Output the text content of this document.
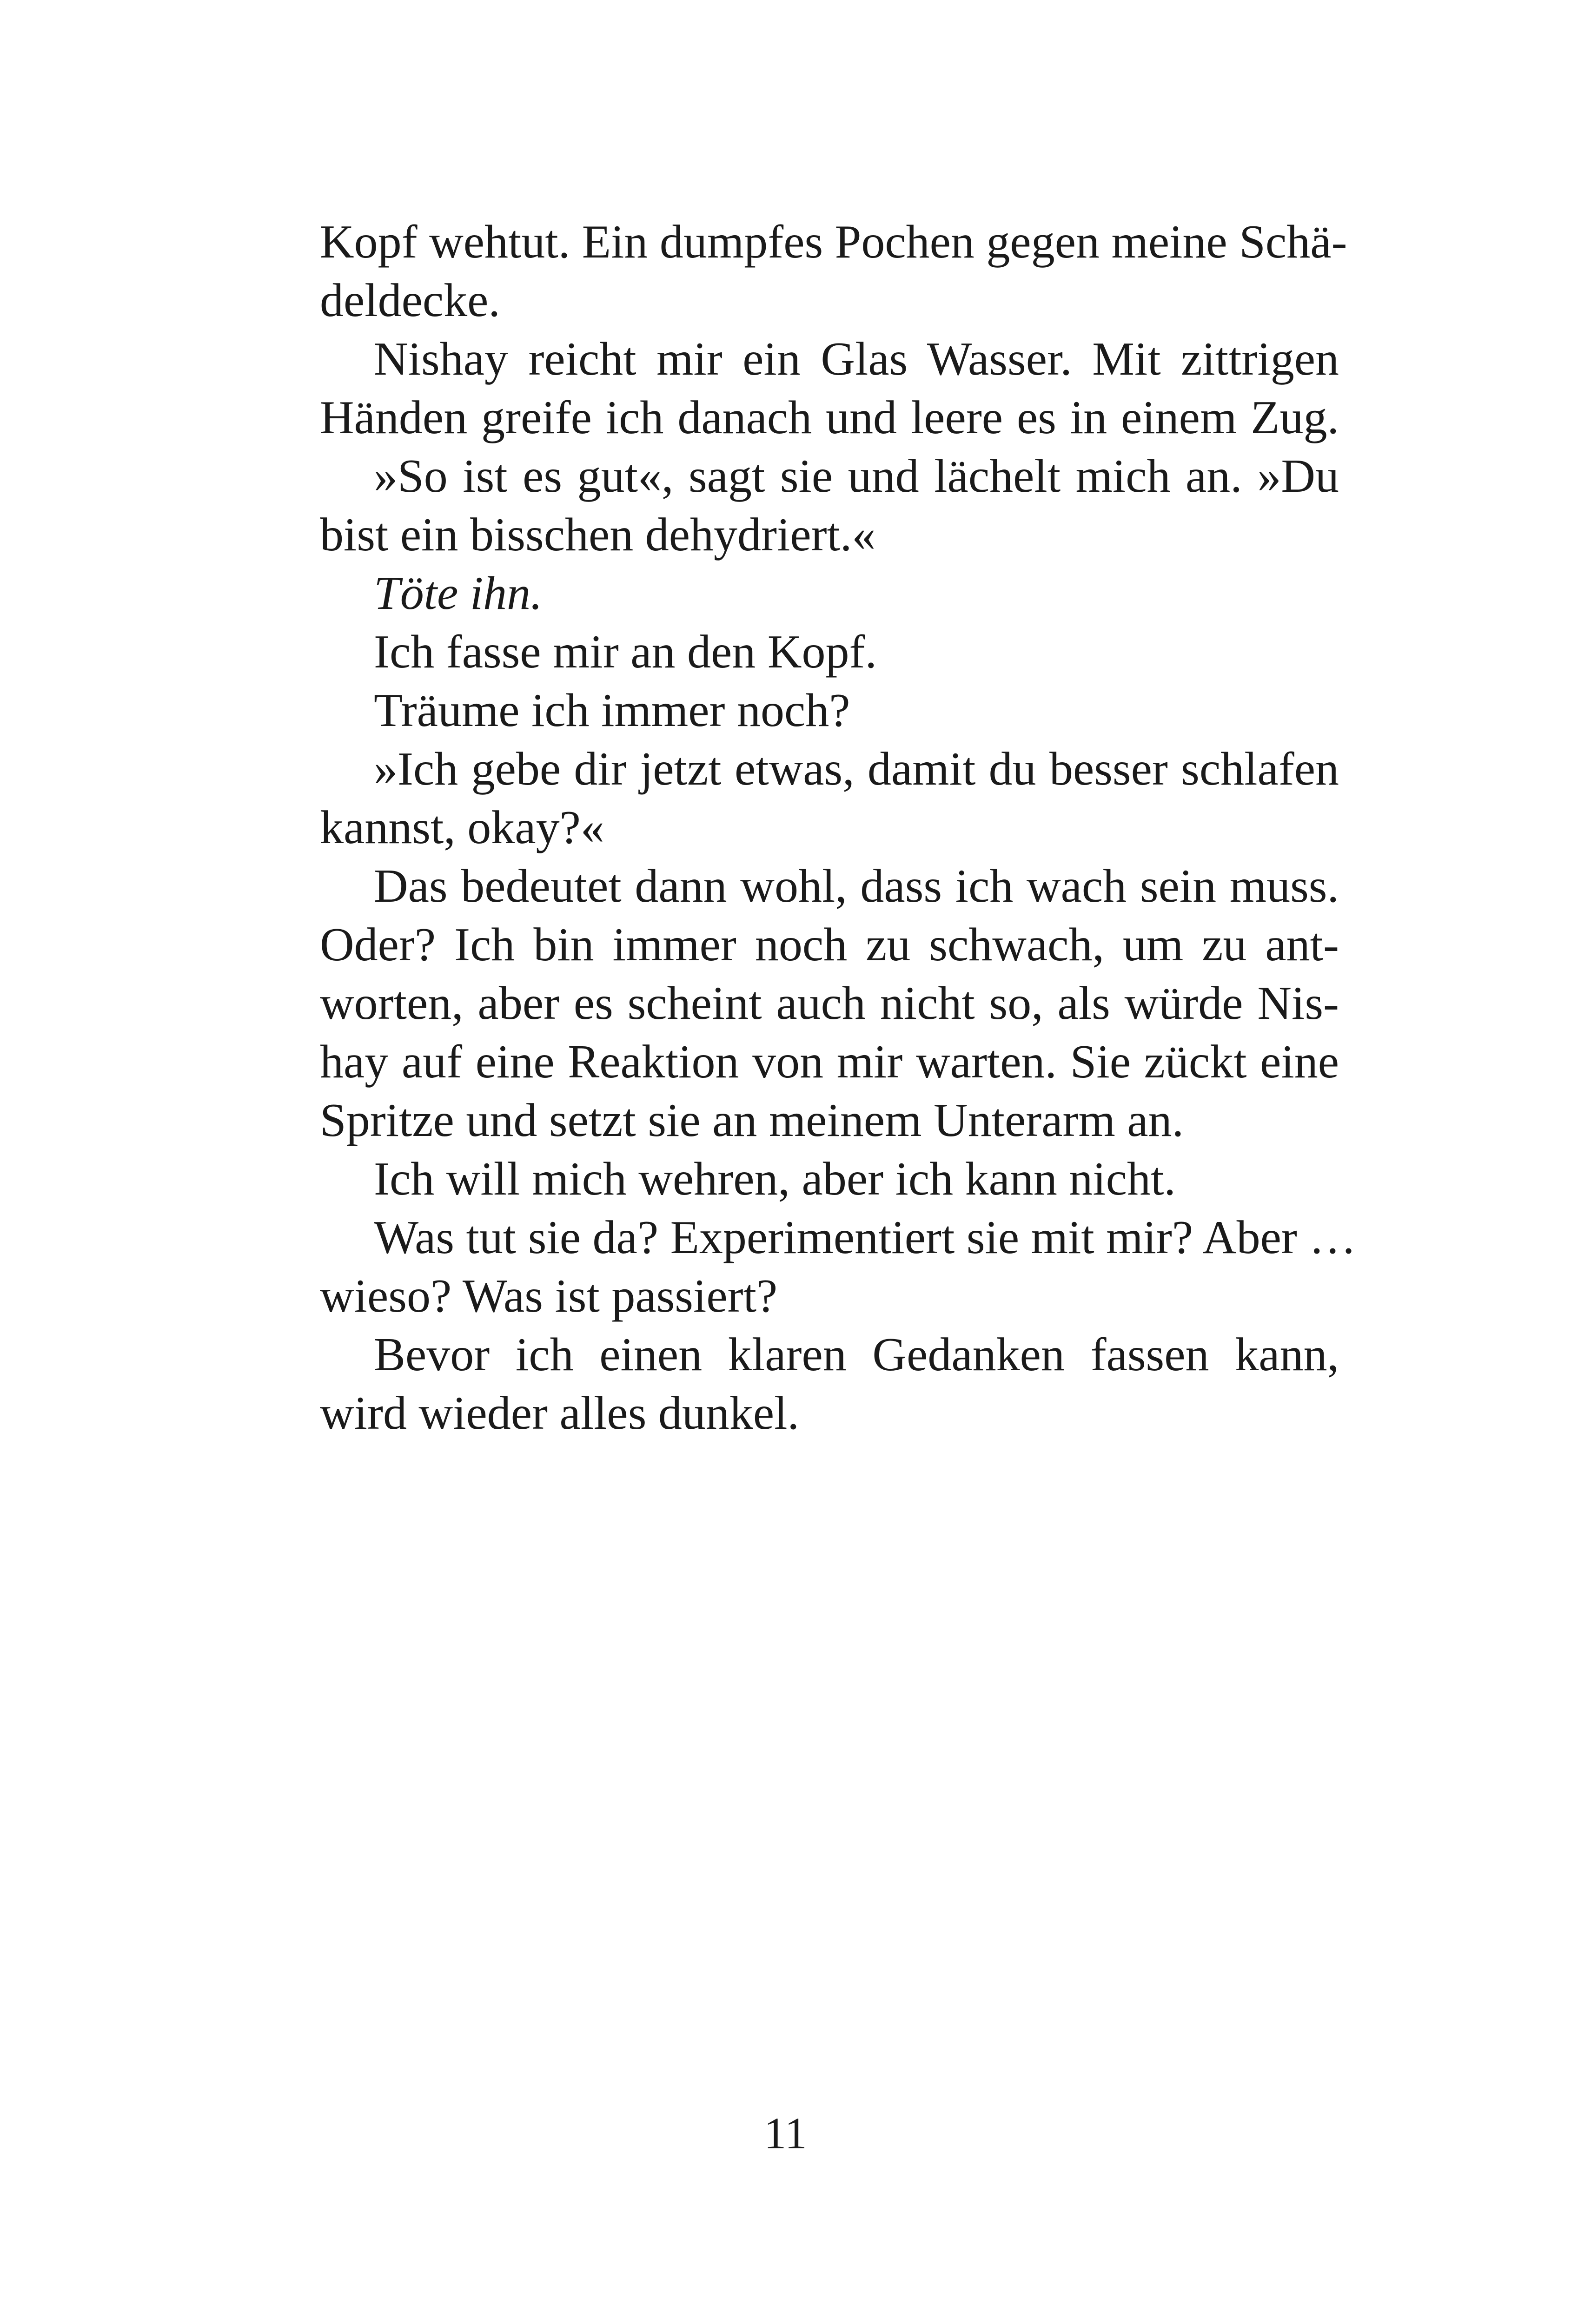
Kopf wehtut. Ein dumpfes Pochen gegen meine Schä-
deldecke.
Nishay reicht mir ein Glas Wasser. Mit zittrigen
Händen greife ich danach und leere es in einem Zug.
»So ist es gut«, sagt sie und lächelt mich an. »Du
bist ein bisschen dehydriert.«
Töte ihn.
Ich fasse mir an den Kopf.
Träume ich immer noch?
»Ich gebe dir jetzt etwas, damit du besser schlafen
kannst, okay?«
Das bedeutet dann wohl, dass ich wach sein muss.
Oder? Ich bin immer noch zu schwach, um zu ant-
worten, aber es scheint auch nicht so, als würde Nis-
hay auf eine Reaktion von mir warten. Sie zückt eine
Spritze und setzt sie an meinem Unterarm an.
Ich will mich wehren, aber ich kann nicht.
Was tut sie da? Experimentiert sie mit mir? Aber …
wieso? Was ist passiert?
Bevor ich einen klaren Gedanken fassen kann,
wird wieder alles dunkel.
11
